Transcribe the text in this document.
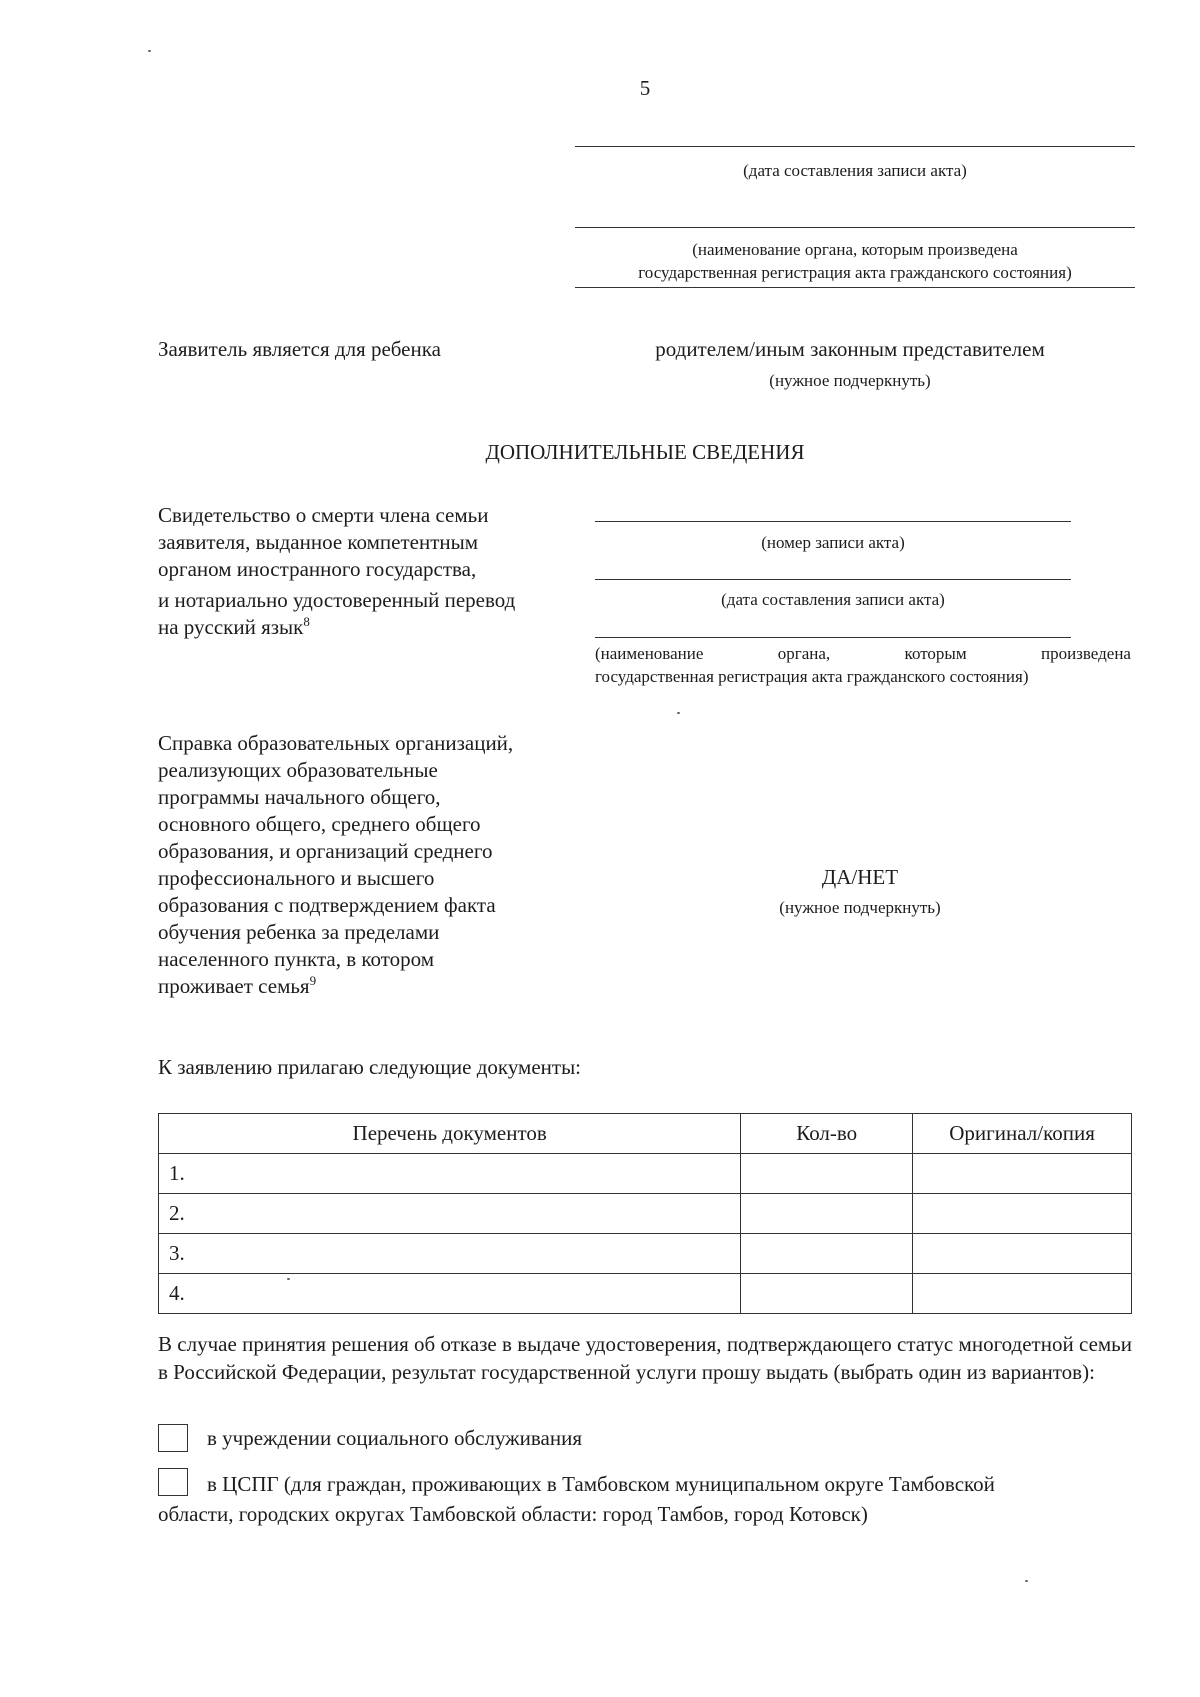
5
(дата составления записи акта)
(наименование органа, которым произведена
государственная регистрация акта гражданского состояния)
Заявитель является для ребенка	родителем/иным законным представителем
(нужное подчеркнуть)
ДОПОЛНИТЕЛЬНЫЕ СВЕДЕНИЯ
Свидетельство о смерти члена семьи
заявителя, выданное компетентным
органом иностранного государства,
и нотариально удостоверенный перевод
на русский язык$^8$
(номер записи акта)
(дата составления записи акта)
(наименование	органа,	которым	произведена
государственная регистрация акта гражданского состояния)
Справка образовательных организаций,
реализующих образовательные
программы начального общего,
основного общего, среднего общего
образования, и организаций среднего
профессионального и высшего
образования с подтверждением факта
обучения ребенка за пределами
населенного пункта, в котором
проживает семья$^9$
ДА/НЕТ
(нужное подчеркнуть)
К заявлению прилагаю следующие документы:
Перечень документов	Кол-во	Оригинал/копия
1.		
2.		
3.		
4.		
В случае принятия решения об отказе в выдаче удостоверения, подтверждающего статус многодетной семьи в Российской Федерации, результат государственной услуги прошу выдать (выбрать один из вариантов):
в учреждении социального обслуживания
в ЦСПГ (для граждан, проживающих в Тамбовском муниципальном округе Тамбовской
области, городских округах Тамбовской области: город Тамбов, город Котовск)
